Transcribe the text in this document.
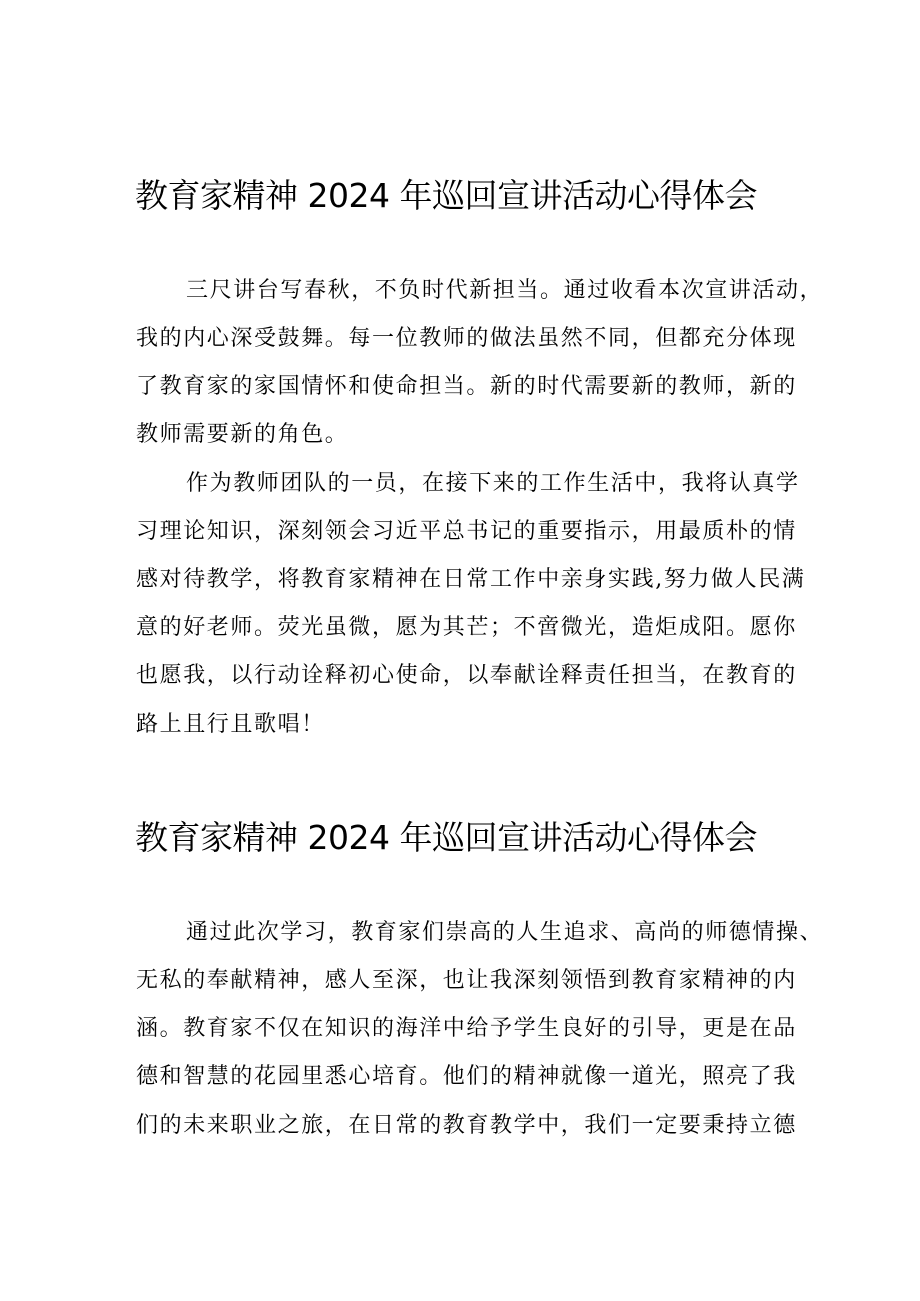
教育家精神 2024 年巡回宣讲活动心得体会

三尺讲台写春秋，不负时代新担当。通过收看本次宣讲活动，

我的内心深受鼓舞。每一位教师的做法虽然不同，但都充分体现

了教育家的家国情怀和使命担当。新的时代需要新的教师，新的

教师需要新的角色。

作为教师团队的一员，在接下来的工作生活中，我将认真学

习理论知识，深刻领会习近平总书记的重要指示，用最质朴的情

感对待教学，将教育家精神在日常工作中亲身实践,努力做人民满

意的好老师。荧光虽微，愿为其芒；不啻微光，造炬成阳。愿你

也愿我，以行动诠释初心使命，以奉献诠释责任担当，在教育的

路上且行且歌唱！

教育家精神 2024 年巡回宣讲活动心得体会

通过此次学习，教育家们崇高的人生追求、高尚的师德情操、

无私的奉献精神，感人至深，也让我深刻领悟到教育家精神的内

涵。教育家不仅在知识的海洋中给予学生良好的引导，更是在品

德和智慧的花园里悉心培育。他们的精神就像一道光，照亮了我

们的未来职业之旅，在日常的教育教学中，我们一定要秉持立德
